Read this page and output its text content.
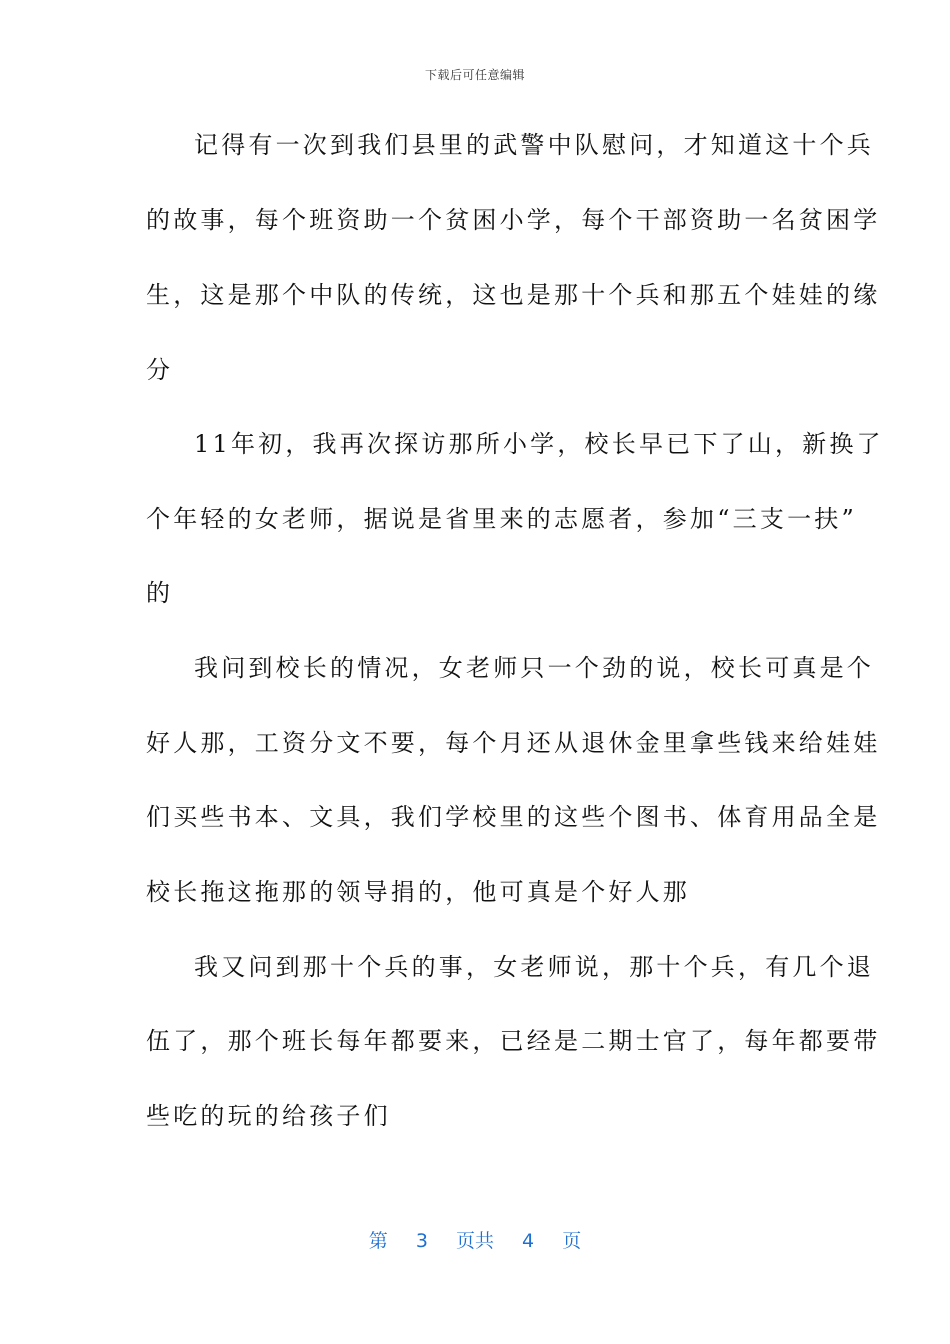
下载后可任意编辑
记得有一次到我们县里的武警中队慰问，才知道这十个兵
的故事，每个班资助一个贫困小学，每个干部资助一名贫困学
生，这是那个中队的传统，这也是那十个兵和那五个娃娃的缘
分
11年初，我再次探访那所小学，校长早已下了山，新换了
个年轻的女老师，据说是省里来的志愿者，参加“三支一扶”
的
我问到校长的情况，女老师只一个劲的说，校长可真是个
好人那，工资分文不要，每个月还从退休金里拿些钱来给娃娃
们买些书本、文具，我们学校里的这些个图书、体育用品全是
校长拖这拖那的领导捐的，他可真是个好人那
我又问到那十个兵的事，女老师说，那十个兵，有几个退
伍了，那个班长每年都要来，已经是二期士官了，每年都要带
些吃的玩的给孩子们
第 3 页共 4 页
